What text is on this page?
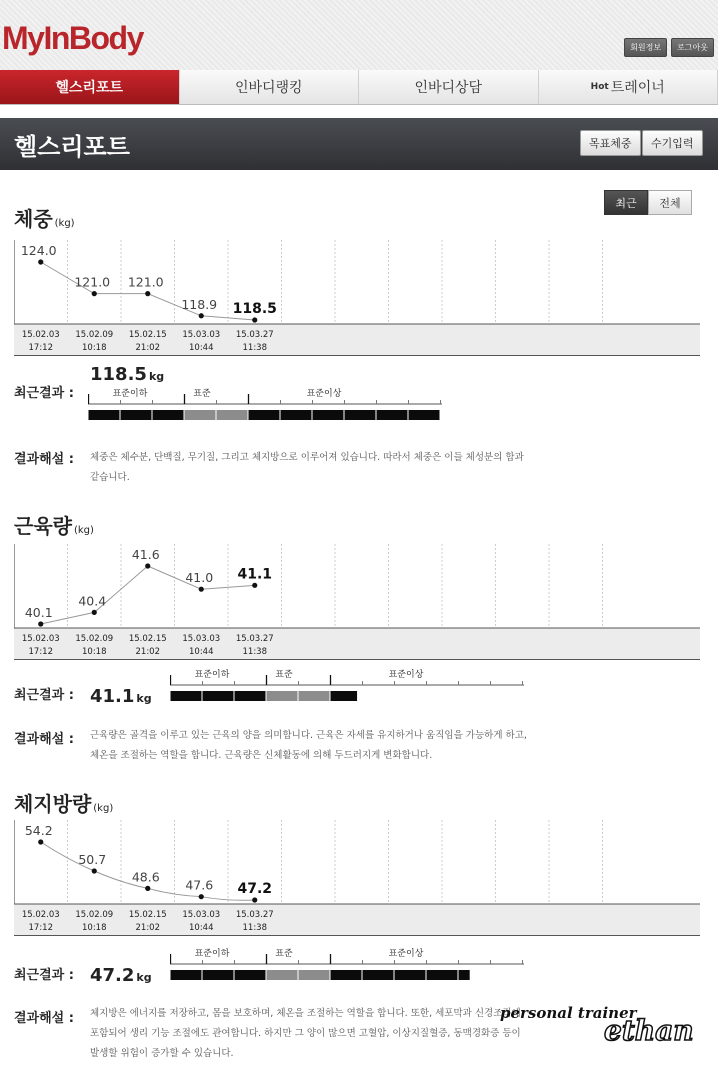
MyInBody	회원정보	로그아웃
헬스리포트	인바디랭킹	인바디상담	Hot 트레이너
헬스리포트	목표체중	수기입력
최근	전체
체중 (kg)
15.02.03
17:12
15.02.09
10:18
15.02.15
21:02
15.03.03
10:44
15.03.27
11:38
124.0
121.0 121.0
118.9 118.5
최근결과 :
118.5 kg
표준이하	표준	표준이상
결과해설 : 체중은 체수분, 단백질, 무기질, 그리고 체지방으로 이루어져 있습니다. 따라서 체중은 이들 체성분의 합과 같습니다.
근육량 (kg)
15.02.03
17:12
15.02.09
10:18
15.02.15
21:02
15.03.03
10:44
15.03.27
11:38
40.1
40.4
41.6
41.0 41.1
최근결과 : 41.1 kg
표준이하	표준	표준이상
결과해설 : 근육량은 골격을 이루고 있는 근육의 양을 의미합니다. 근육은 자세를 유지하거나 움직임을 가능하게 하고, 체온을 조절하는 역할을 합니다. 근육량은 신체활동에 의해 두드러지게 변화합니다.
체지방량 (kg)
15.02.03
17:12
15.02.09
10:18
15.02.15
21:02
15.03.03
10:44
15.03.27
11:38
54.2
50.7
48.6
47.6 47.2
최근결과 : 47.2 kg
표준이하	표준	표준이상
결과해설 : 체지방은 에너지를 저장하고, 몸을 보호하며, 체온을 조절하는 역할을 합니다. 또한, 세포막과 신경조직에 포함되어 생리 기능 조절에도 관여합니다. 하지만 그 양이 많으면 고혈압, 이상지질혈증, 동맥경화증 등이 발생할 위험이 증가할 수 있습니다.
personal trainer
ethan
